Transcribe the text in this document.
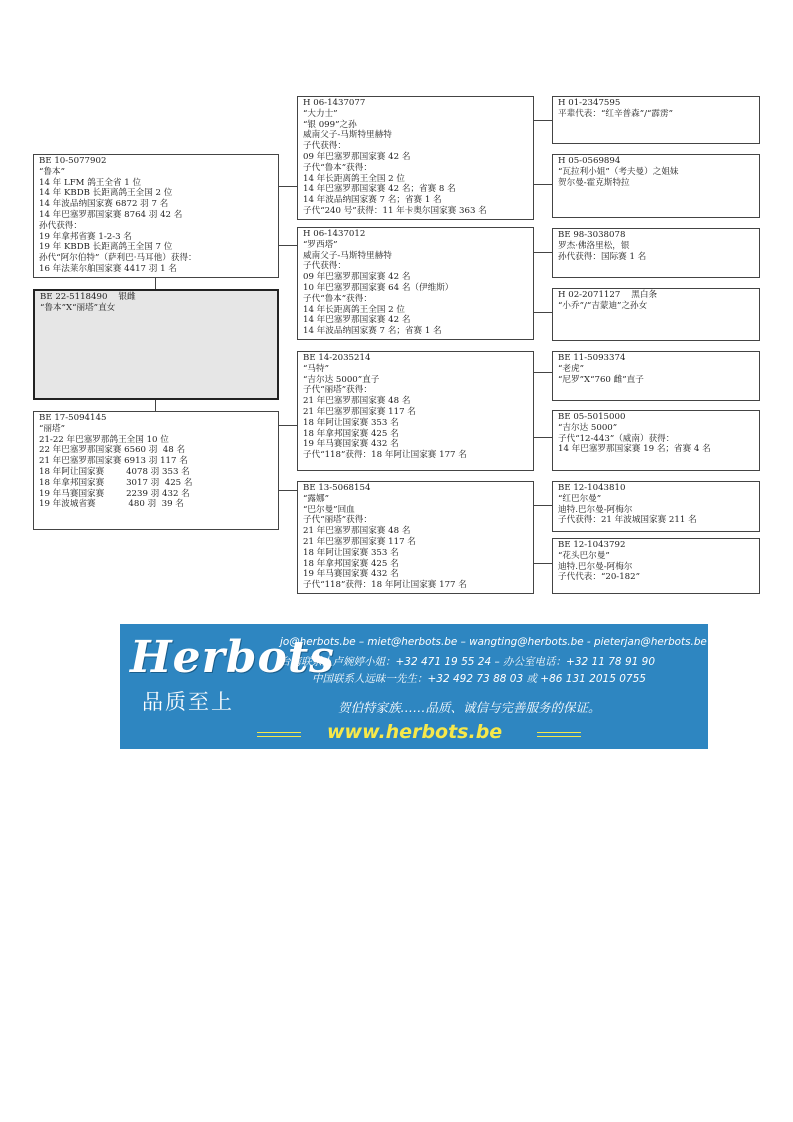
BE 10-5077902
“鲁本”
14 年 LFM 鸽王全省 1 位
14 年 KBDB 长距离鸽王全国 2 位
14 年波品纳国家赛 6872 羽 7 名
14 年巴塞罗那国家赛 8764 羽 42 名
孙代获得：
19 年拿邦省赛 1-2-3 名
19 年 KBDB 长距离鸽王全国 7 位
孙代“阿尔伯特”（萨利巴·马耳他）获得：
16 年法莱尔舶国家赛 4417 羽 1 名
BE 22-5118490    银雌
“鲁本”X“丽塔”直女
BE 17-5094145
“丽塔”
21-22 年巴塞罗那鸽王全国 10 位
22 年巴塞罗那国家赛 6560 羽  48 名
21 年巴塞罗那国家赛 6913 羽 117 名
18 年阿让国家赛        4078 羽 353 名
18 年拿邦国家赛        3017 羽  425 名
19 年马赛国家赛        2239 羽 432 名
19 年波城省赛            480 羽  39 名
H 06-1437077
“大力士”
“银 099”之孙
威南父子-马斯特里赫特
子代获得：
09 年巴塞罗那国家赛 42 名
子代“鲁本”获得：
14 年长距离鸽王全国 2 位
14 年巴塞罗那国家赛 42 名；省赛 8 名
14 年波品纳国家赛 7 名；省赛 1 名
子代“240 号”获得：11 年卡奥尔国家赛 363 名
H 06-1437012
“罗西塔”
威南父子-马斯特里赫特
子代获得：
09 年巴塞罗那国家赛 42 名
10 年巴塞罗那国家赛 64 名（伊维斯）
子代“鲁本”获得：
14 年长距离鸽王全国 2 位
14 年巴塞罗那国家赛 42 名
14 年波品纳国家赛 7 名；省赛 1 名
BE 14-2035214
“马特”
“吉尔达 5000”直子
子代“丽塔”获得：
21 年巴塞罗那国家赛 48 名
21 年巴塞罗那国家赛 117 名
18 年阿让国家赛 353 名
18 年拿邦国家赛 425 名
19 年马赛国家赛 432 名
子代“118”获得：18 年阿让国家赛 177 名
BE 13-5068154
“露娜”
“巴尔曼”回血
子代“丽塔”获得：
21 年巴塞罗那国家赛 48 名
21 年巴塞罗那国家赛 117 名
18 年阿让国家赛 353 名
18 年拿邦国家赛 425 名
19 年马赛国家赛 432 名
子代“118”获得：18 年阿让国家赛 177 名
H 01-2347595
平辈代表：“红辛普森”/“霹雳”
H 05-0569894
“瓦拉利小姐”（考夫曼）之姐妹
贺尔曼-霍克斯特拉
BE 98-3038078
罗杰·佛洛里松，银
孙代获得：国际赛 1 名
H 02-2071127    黑白条
“小乔”/“吉蒙迪”之孙女
BE 11-5093374
“老虎”
“尼罗”X“760 雌”直子
BE 05-5015000
“吉尔达 5000”
子代“12-443”（威南）获得：
14 年巴塞罗那国家赛 19 名；省赛 4 名
BE 12-1043810
“红巴尔曼”
迪特.巴尔曼-阿梅尔
子代获得：21 年波城国家赛 211 名
BE 12-1043792
“花头巴尔曼”
迪特.巴尔曼-阿梅尔
子代代表：“20-182”
Herbots
品质至上
jo@herbots.be – miet@herbots.be – wangting@herbots.be - pieterjan@herbots.be
台湾联系人卢婉婷小姐：+32 471 19 55 24 – 办公室电话：+32 11 78 91 90
中国联系人远昧一先生：+32 492 73 88 03 或 +86 131 2015 0755
贺伯特家族……品质、诚信与完善服务的保证。
www.herbots.be
